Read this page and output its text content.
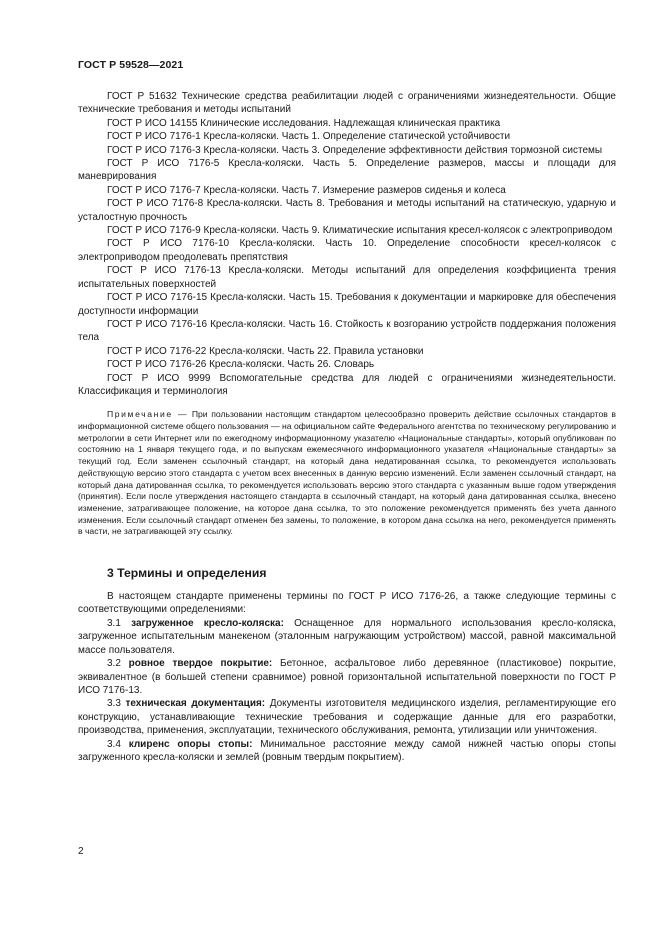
ГОСТ Р 59528—2021

ГОСТ Р 51632 Технические средства реабилитации людей с ограничениями жизнедеятельности. Общие технические требования и методы испытаний

ГОСТ Р ИСО 14155 Клинические исследования. Надлежащая клиническая практика

ГОСТ Р ИСО 7176-1 Кресла-коляски. Часть 1. Определение статической устойчивости

ГОСТ Р ИСО 7176-3 Кресла-коляски. Часть 3. Определение эффективности действия тормозной системы

ГОСТ Р ИСО 7176-5 Кресла-коляски. Часть 5. Определение размеров, массы и площади для маневрирования

ГОСТ Р ИСО 7176-7 Кресла-коляски. Часть 7. Измерение размеров сиденья и колеса

ГОСТ Р ИСО 7176-8 Кресла-коляски. Часть 8. Требования и методы испытаний на статическую, ударную и усталостную прочность

ГОСТ Р ИСО 7176-9 Кресла-коляски. Часть 9. Климатические испытания кресел-колясок с электроприводом

ГОСТ Р ИСО 7176-10 Кресла-коляски. Часть 10. Определение способности кресел-колясок с электроприводом преодолевать препятствия

ГОСТ Р ИСО 7176-13 Кресла-коляски. Методы испытаний для определения коэффициента трения испытательных поверхностей

ГОСТ Р ИСО 7176-15 Кресла-коляски. Часть 15. Требования к документации и маркировке для обеспечения доступности информации

ГОСТ Р ИСО 7176-16 Кресла-коляски. Часть 16. Стойкость к возгоранию устройств поддержания положения тела

ГОСТ Р ИСО 7176-22 Кресла-коляски. Часть 22. Правила установки

ГОСТ Р ИСО 7176-26 Кресла-коляски. Часть 26. Словарь

ГОСТ Р ИСО 9999 Вспомогательные средства для людей с ограничениями жизнедеятельности. Классификация и терминология

Примечание — При пользовании настоящим стандартом целесообразно проверить действие ссылочных стандартов в информационной системе общего пользования — на официальном сайте Федерального агентства по техническому регулированию и метрологии в сети Интернет или по ежегодному информационному указателю «Национальные стандарты», который опубликован по состоянию на 1 января текущего года, и по выпускам ежемесячного информационного указателя «Национальные стандарты» за текущий год. Если заменен ссылочный стандарт, на который дана недатированная ссылка, то рекомендуется использовать действующую версию этого стандарта с учетом всех внесенных в данную версию изменений. Если заменен ссылочный стандарт, на который дана датированная ссылка, то рекомендуется использовать версию этого стандарта с указанным выше годом утверждения (принятия). Если после утверждения настоящего стандарта в ссылочный стандарт, на который дана датированная ссылка, внесено изменение, затрагивающее положение, на которое дана ссылка, то это положение рекомендуется применять без учета данного изменения. Если ссылочный стандарт отменен без замены, то положение, в котором дана ссылка на него, рекомендуется применять в части, не затрагивающей эту ссылку.

3 Термины и определения

В настоящем стандарте применены термины по ГОСТ Р ИСО 7176-26, а также следующие термины с соответствующими определениями:

3.1 загруженное кресло-коляска: Оснащенное для нормального использования кресло-коляска, загруженное испытательным манекеном (эталонным нагружающим устройством) массой, равной максимальной массе пользователя.

3.2 ровное твердое покрытие: Бетонное, асфальтовое либо деревянное (пластиковое) покрытие, эквивалентное (в большей степени сравнимое) ровной горизонтальной испытательной поверхности по ГОСТ Р ИСО 7176-13.

3.3 техническая документация: Документы изготовителя медицинского изделия, регламентирующие его конструкцию, устанавливающие технические требования и содержащие данные для его разработки, производства, применения, эксплуатации, технического обслуживания, ремонта, утилизации или уничтожения.

3.4 клиренс опоры стопы: Минимальное расстояние между самой нижней частью опоры стопы загруженного кресла-коляски и землей (ровным твердым покрытием).

2
